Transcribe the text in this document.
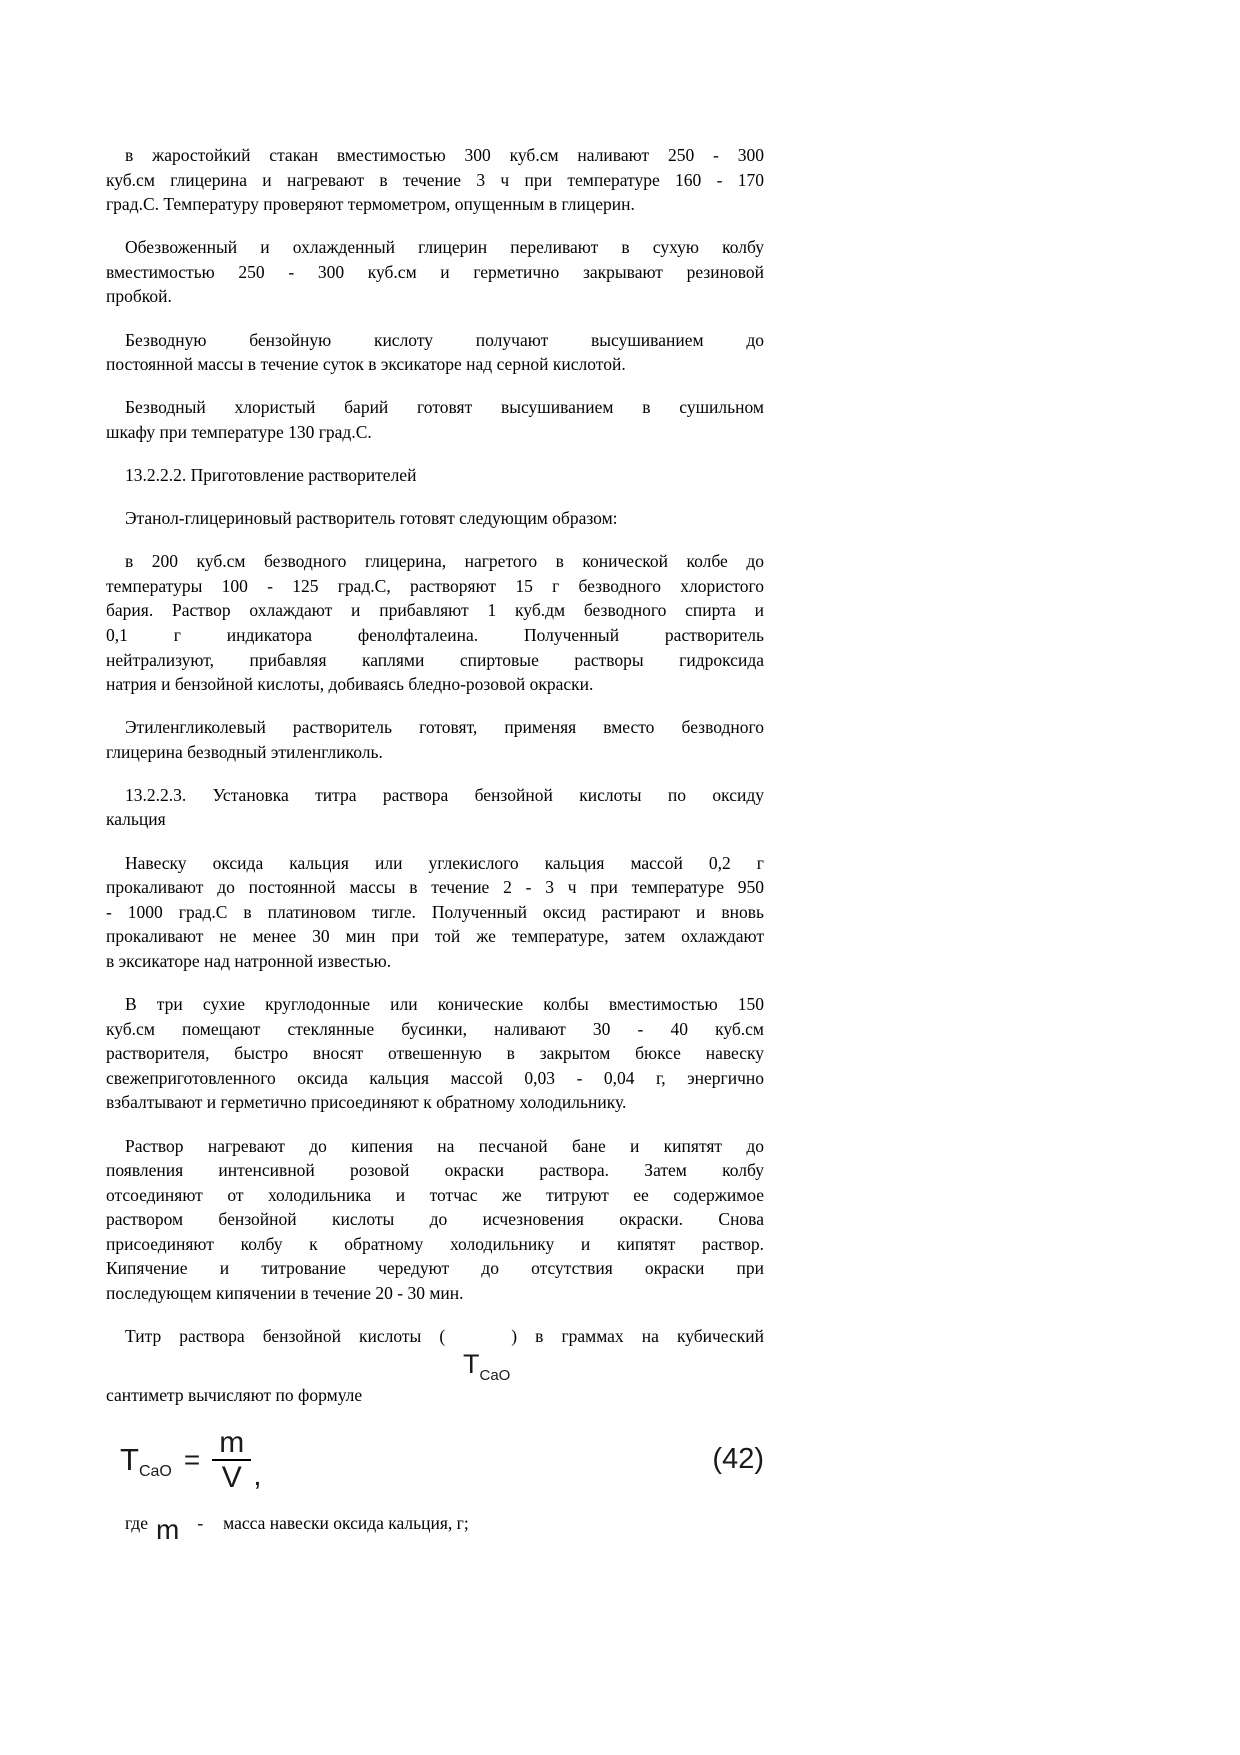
в жаростойкий стакан вместимостью 300 куб.см наливают 250 - 300
куб.см глицерина и нагревают в течение 3 ч при температуре 160 - 170
град.С. Температуру проверяют термометром, опущенным в глицерин.
Обезвоженный и охлажденный глицерин переливают в сухую колбу
вместимостью 250 - 300 куб.см и герметично закрывают резиновой
пробкой.
Безводную бензойную кислоту получают высушиванием до
постоянной массы в течение суток в эксикаторе над серной кислотой.
Безводный хлористый барий готовят высушиванием в сушильном
шкафу при температуре 130 град.С.
13.2.2.2. Приготовление растворителей
Этанол-глицериновый растворитель готовят следующим образом:
в 200 куб.см безводного глицерина, нагретого в конической колбе до
температуры 100 - 125 град.С, растворяют 15 г безводного хлористого
бария. Раствор охлаждают и прибавляют 1 куб.дм безводного спирта и
0,1 г индикатора фенолфталеина. Полученный растворитель
нейтрализуют, прибавляя каплями спиртовые растворы гидроксида
натрия и бензойной кислоты, добиваясь бледно-розовой окраски.
Этиленгликолевый растворитель готовят, применяя вместо безводного
глицерина безводный этиленгликоль.
13.2.2.3. Установка титра раствора бензойной кислоты по оксиду
кальция
Навеску оксида кальция или углекислого кальция массой 0,2 г
прокаливают до постоянной массы в течение 2 - 3 ч при температуре 950
- 1000 град.С в платиновом тигле. Полученный оксид растирают и вновь
прокаливают не менее 30 мин при той же температуре, затем охлаждают
в эксикаторе над натронной известью.
В три сухие круглодонные или конические колбы вместимостью 150
куб.см помещают стеклянные бусинки, наливают 30 - 40 куб.см
растворителя, быстро вносят отвешенную в закрытом бюксе навеску
свежеприготовленного оксида кальция массой 0,03 - 0,04 г, энергично
взбалтывают и герметично присоединяют к обратному холодильнику.
Раствор нагревают до кипения на песчаной бане и кипятят до
появления интенсивной розовой окраски раствора. Затем колбу
отсоединяют от холодильника и тотчас же титруют ее содержимое
раствором бензойной кислоты до исчезновения окраски. Снова
присоединяют колбу к обратному холодильнику и кипятят раствор.
Кипячение и титрование чередуют до отсутствия окраски при
последующем кипячении в течение 20 - 30 мин.
Титр раствора бензойной кислоты (	) в граммах на кубический
TCaO
сантиметр вычисляют по формуле
T CaO = $\frac{m}{V}$ ,	(42)
где m - масса навески оксида кальция, г;
